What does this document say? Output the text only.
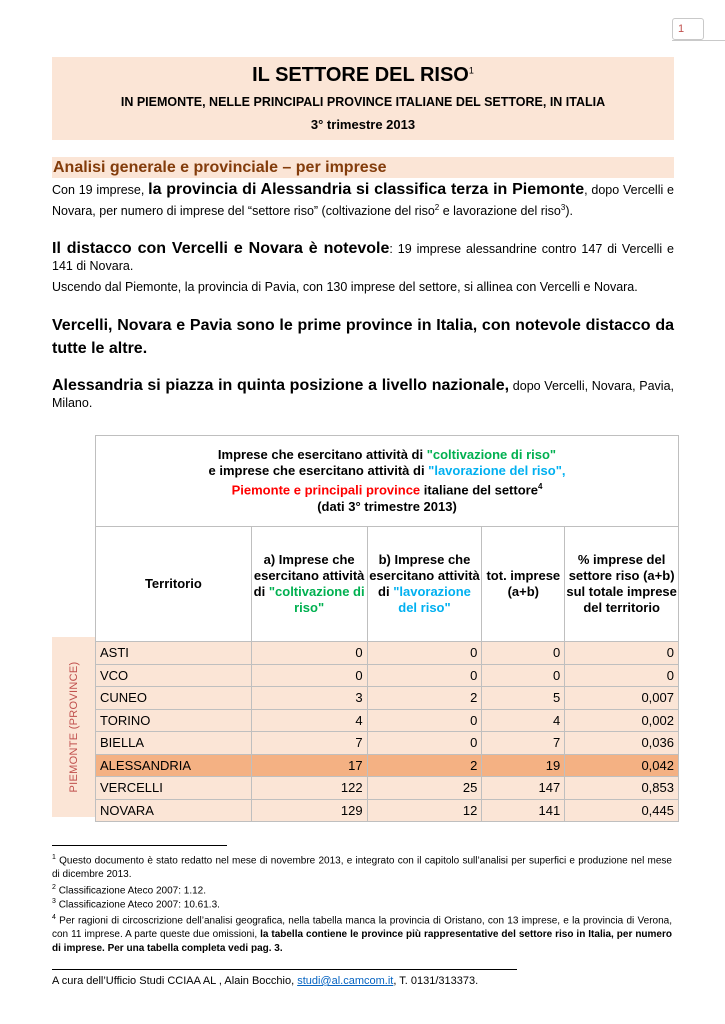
1
IL SETTORE DEL RISO$^1$
IN PIEMONTE, NELLE PRINCIPALI PROVINCE ITALIANE DEL SETTORE, IN ITALIA
3° trimestre 2013
Analisi generale e provinciale – per imprese
Con 19 imprese, la provincia di Alessandria si classifica terza in Piemonte, dopo Vercelli e Novara, per numero di imprese del “settore riso” (coltivazione del riso$^2$ e lavorazione del riso$^3$).
Il distacco con Vercelli e Novara è notevole: 19 imprese alessandrine contro 147 di Vercelli e 141 di Novara.
Uscendo dal Piemonte, la provincia di Pavia, con 130 imprese del settore, si allinea con Vercelli e Novara.
Vercelli, Novara e Pavia sono le prime province in Italia, con notevole distacco da tutte le altre.
Alessandria si piazza in quinta posizione a livello nazionale, dopo Vercelli, Novara, Pavia, Milano.
PIEMONTE (PROVINCE)
Imprese che esercitano attività di "coltivazione di riso"
e imprese che esercitano attività di "lavorazione del riso",
Piemonte e principali province italiane del settore$^4$
(dati 3° trimestre 2013)				

Territorio	a) Imprese che esercitano attività di "coltivazione di riso"	b) Imprese che esercitano attività di "lavorazione del riso"	tot. imprese (a+b)	% imprese del settore riso (a+b) sul totale imprese del territorio
ASTI	0	0	0	0
VCO	0	0	0	0
CUNEO	3	2	5	0,007
TORINO	4	0	4	0,002
BIELLA	7	0	7	0,036
ALESSANDRIA	17	2	19	0,042
VERCELLI	122	25	147	0,853
NOVARA	129	12	141	0,445
$^1$ Questo documento è stato redatto nel mese di novembre 2013, e integrato con il capitolo sull’analisi per superfici e produzione nel mese di dicembre 2013.
$^2$ Classificazione Ateco 2007: 1.12.
$^3$ Classificazione Ateco 2007: 10.61.3.
$^4$ Per ragioni di circoscrizione dell’analisi geografica, nella tabella manca la provincia di Oristano, con 13 imprese, e la provincia di Verona, con 11 imprese. A parte queste due omissioni, la tabella contiene le province più rappresentative del settore riso in Italia, per numero di imprese. Per una tabella completa vedi pag. 3.
A cura dell’Ufficio Studi CCIAA AL , Alain Bocchio, studi@al.camcom.it, T. 0131/313373.
